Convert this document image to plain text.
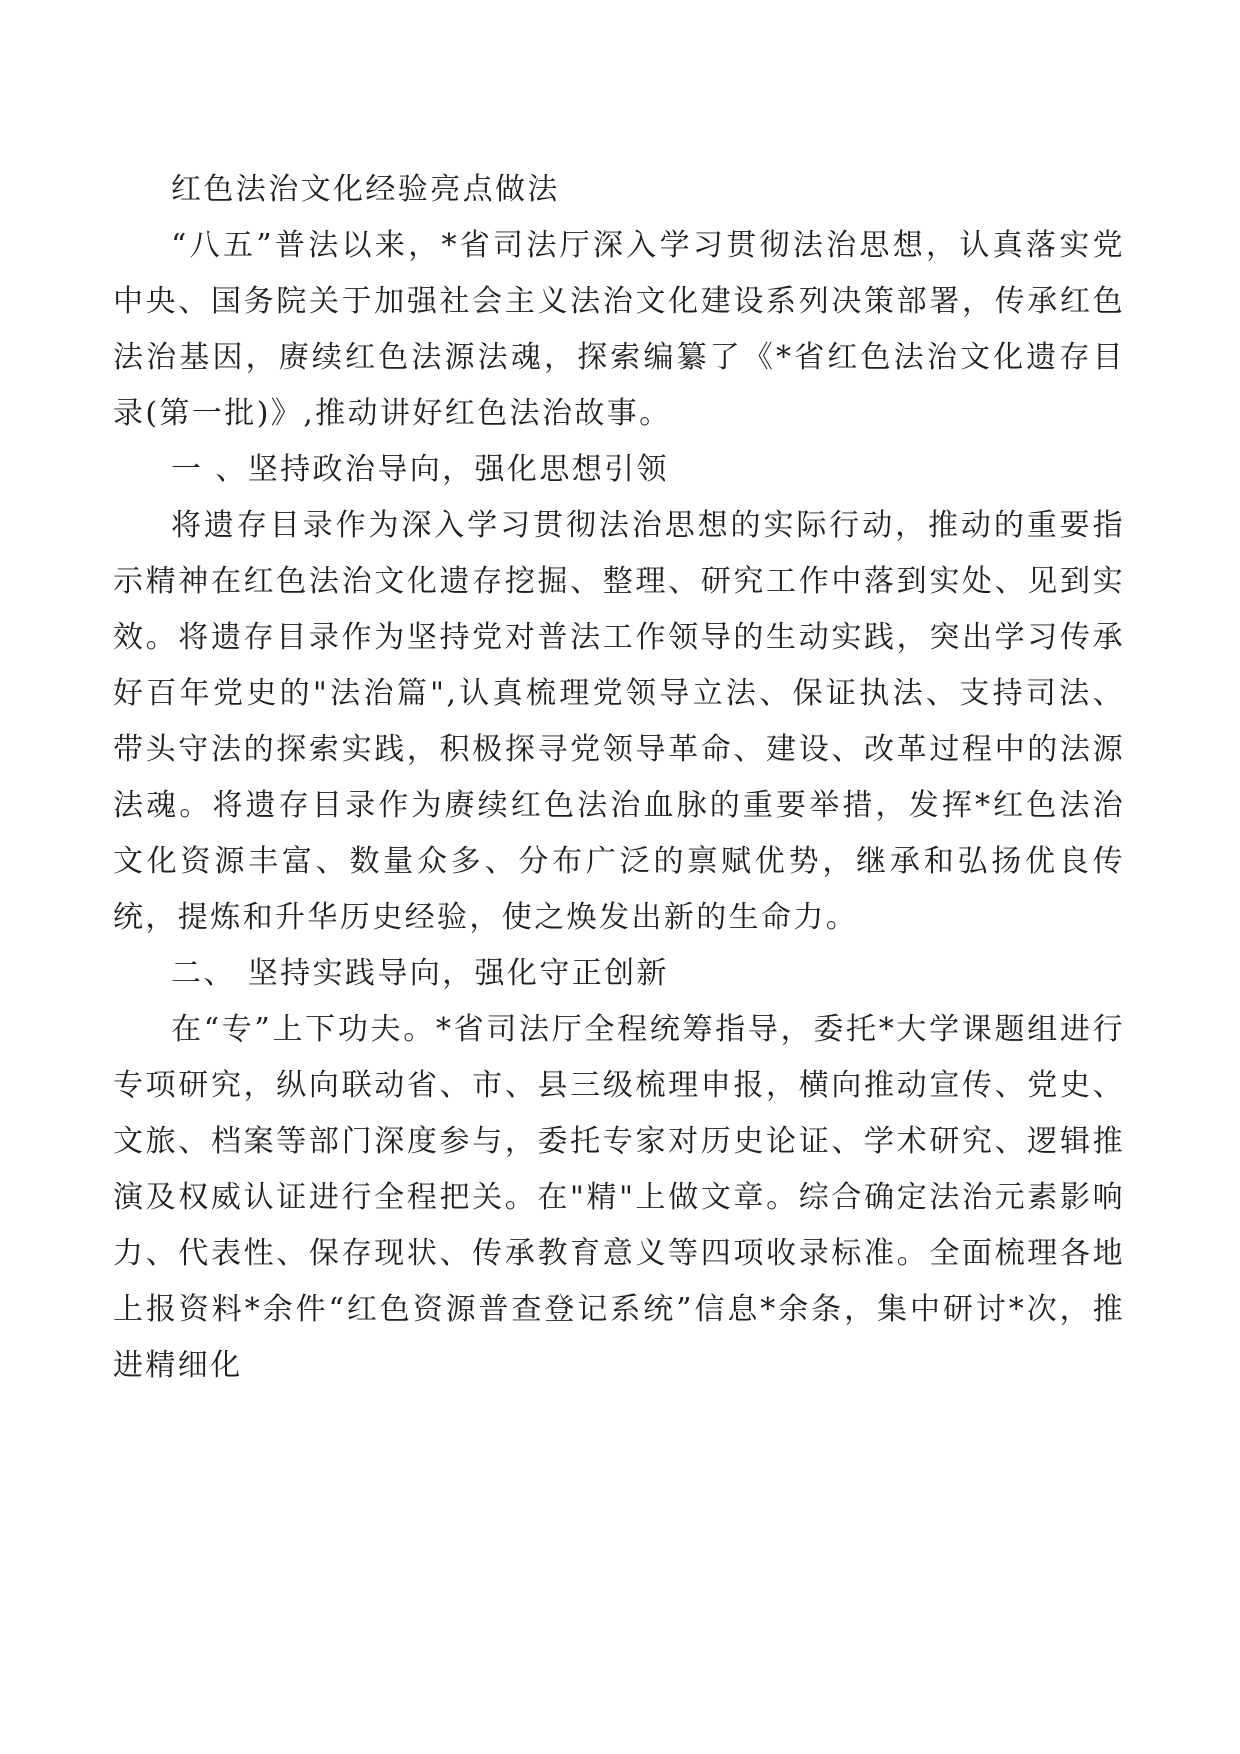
红色法治文化经验亮点做法

“八五”普法以来，*省司法厅深入学习贯彻法治思想，认真落实党中央、国务院关于加强社会主义法治文化建设系列决策部署，传承红色法治基因，赓续红色法源法魂，探索编纂了《*省红色法治文化遗存目录(第一批)》,推动讲好红色法治故事。

一 、坚持政治导向，强化思想引领

将遗存目录作为深入学习贯彻法治思想的实际行动，推动的重要指示精神在红色法治文化遗存挖掘、整理、研究工作中落到实处、见到实效。将遗存目录作为坚持党对普法工作领导的生动实践，突出学习传承好百年党史的"法治篇",认真梳理党领导立法、保证执法、支持司法、带头守法的探索实践，积极探寻党领导革命、建设、改革过程中的法源法魂。将遗存目录作为赓续红色法治血脉的重要举措，发挥*红色法治文化资源丰富、数量众多、分布广泛的禀赋优势，继承和弘扬优良传统，提炼和升华历史经验，使之焕发出新的生命力。

二、 坚持实践导向，强化守正创新

在“专”上下功夫。*省司法厅全程统筹指导，委托*大学课题组进行专项研究，纵向联动省、市、县三级梳理申报，横向推动宣传、党史、文旅、档案等部门深度参与，委托专家对历史论证、学术研究、逻辑推演及权威认证进行全程把关。在"精"上做文章。综合确定法治元素影响力、代表性、保存现状、传承教育意义等四项收录标准。全面梳理各地上报资料*余件“红色资源普查登记系统”信息*余条，集中研讨*次，推进精细化
